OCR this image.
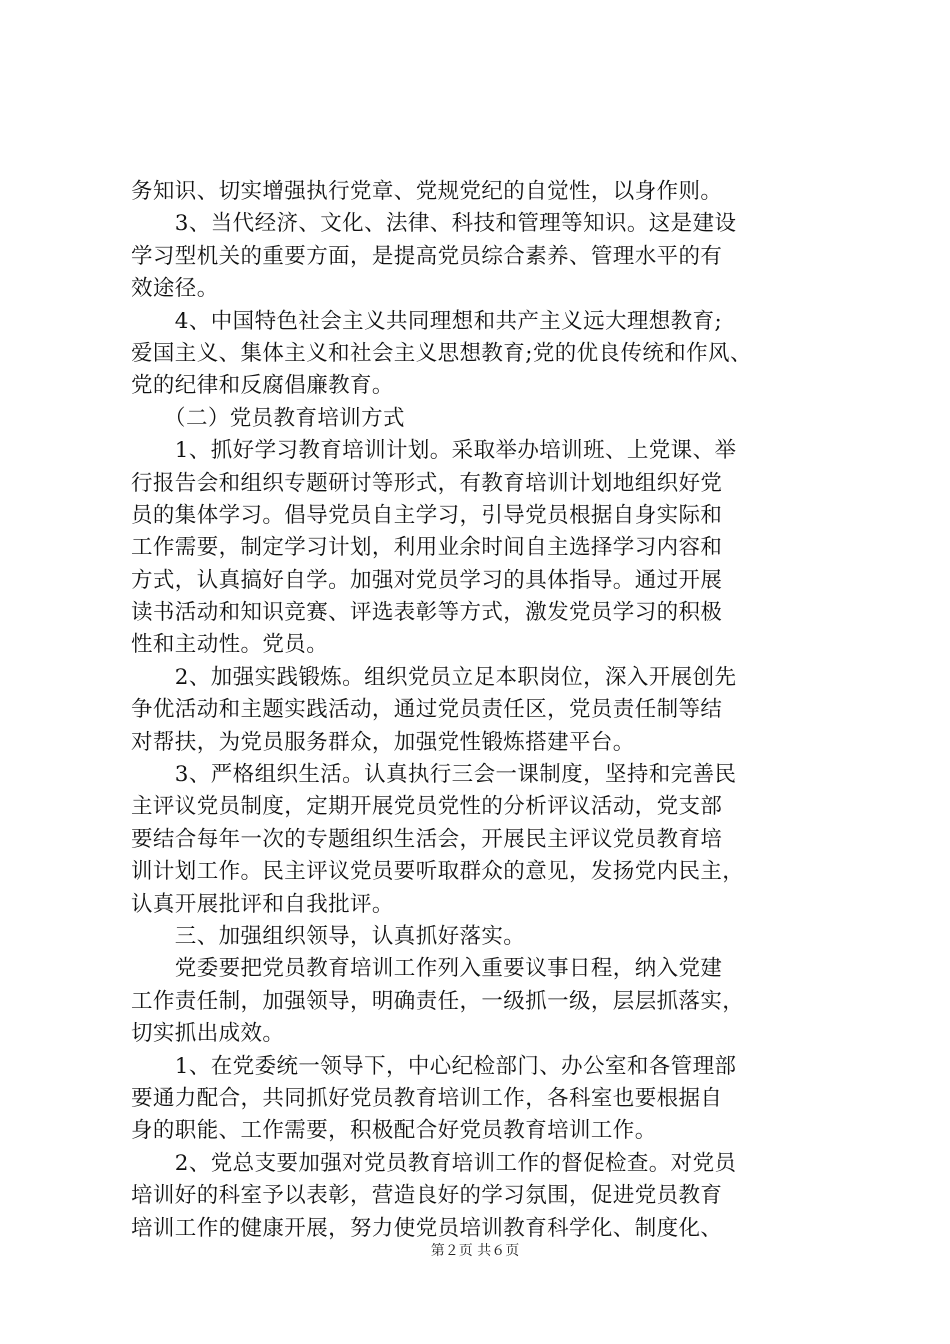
务知识、切实增强执行党章、党规党纪的自觉性，以身作则。
　　3、当代经济、文化、法律、科技和管理等知识。这是建设
学习型机关的重要方面，是提高党员综合素养、管理水平的有
效途径。
　　4、中国特色社会主义共同理想和共产主义远大理想教育;
爱国主义、集体主义和社会主义思想教育;党的优良传统和作风、
党的纪律和反腐倡廉教育。
　　（二）党员教育培训方式
　　1、抓好学习教育培训计划。采取举办培训班、上党课、举
行报告会和组织专题研讨等形式，有教育培训计划地组织好党
员的集体学习。倡导党员自主学习，引导党员根据自身实际和
工作需要，制定学习计划，利用业余时间自主选择学习内容和
方式，认真搞好自学。加强对党员学习的具体指导。通过开展
读书活动和知识竞赛、评选表彰等方式，激发党员学习的积极
性和主动性。党员。
　　2、加强实践锻炼。组织党员立足本职岗位，深入开展创先
争优活动和主题实践活动，通过党员责任区，党员责任制等结
对帮扶，为党员服务群众，加强党性锻炼搭建平台。
　　3、严格组织生活。认真执行三会一课制度，坚持和完善民
主评议党员制度，定期开展党员党性的分析评议活动，党支部
要结合每年一次的专题组织生活会，开展民主评议党员教育培
训计划工作。民主评议党员要听取群众的意见，发扬党内民主，
认真开展批评和自我批评。
　　三、加强组织领导，认真抓好落实。
　　党委要把党员教育培训工作列入重要议事日程，纳入党建
工作责任制，加强领导，明确责任，一级抓一级，层层抓落实，
切实抓出成效。
　　1、在党委统一领导下，中心纪检部门、办公室和各管理部
要通力配合，共同抓好党员教育培训工作，各科室也要根据自
身的职能、工作需要，积极配合好党员教育培训工作。
　　2、党总支要加强对党员教育培训工作的督促检查。对党员
培训好的科室予以表彰，营造良好的学习氛围，促进党员教育
培训工作的健康开展，努力使党员培训教育科学化、制度化、
第２页 共６页
